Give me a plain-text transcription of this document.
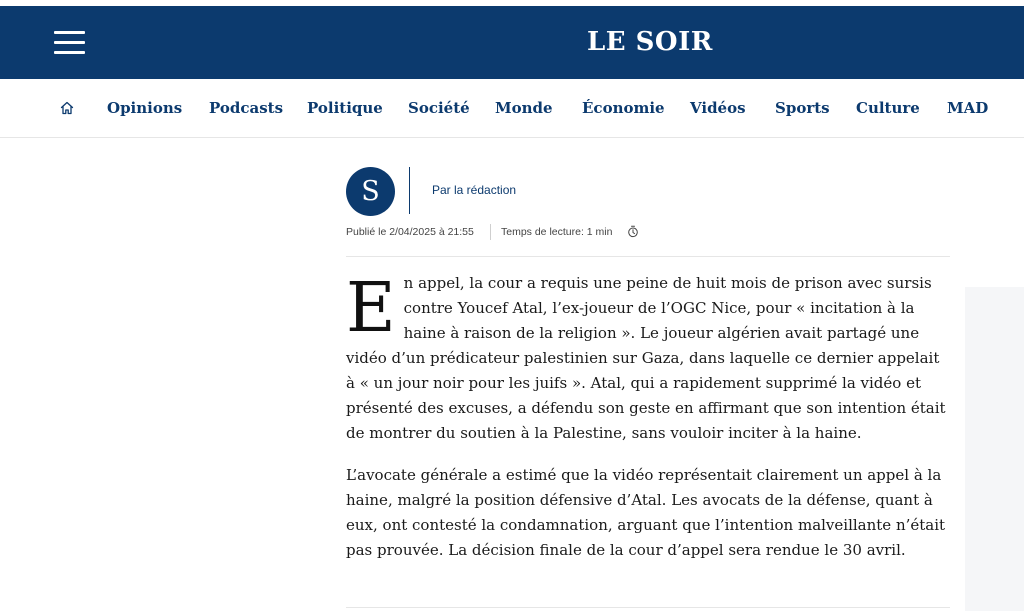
LE SOIR
Opinions Podcasts Politique Société Monde Économie Vidéos Sports Culture MAD
S	Par la rédaction
Publié le 2/04/2025 à 21:55	Temps de lecture: 1 min

En appel, la cour a requis une peine de huit mois de prison avec sursis contre Youcef Atal, l’ex-joueur de l’OGC Nice, pour « incitation à la haine à raison de la religion ». Le joueur algérien avait partagé une vidéo d’un prédicateur palestinien sur Gaza, dans laquelle ce dernier appelait à « un jour noir pour les juifs ». Atal, qui a rapidement supprimé la vidéo et présenté des excuses, a défendu son geste en affirmant que son intention était de montrer du soutien à la Palestine, sans vouloir inciter à la haine.

L’avocate générale a estimé que la vidéo représentait clairement un appel à la haine, malgré la position défensive d’Atal. Les avocats de la défense, quant à eux, ont contesté la condamnation, arguant que l’intention malveillante n’était pas prouvée. La décision finale de la cour d’appel sera rendue le 30 avril.
